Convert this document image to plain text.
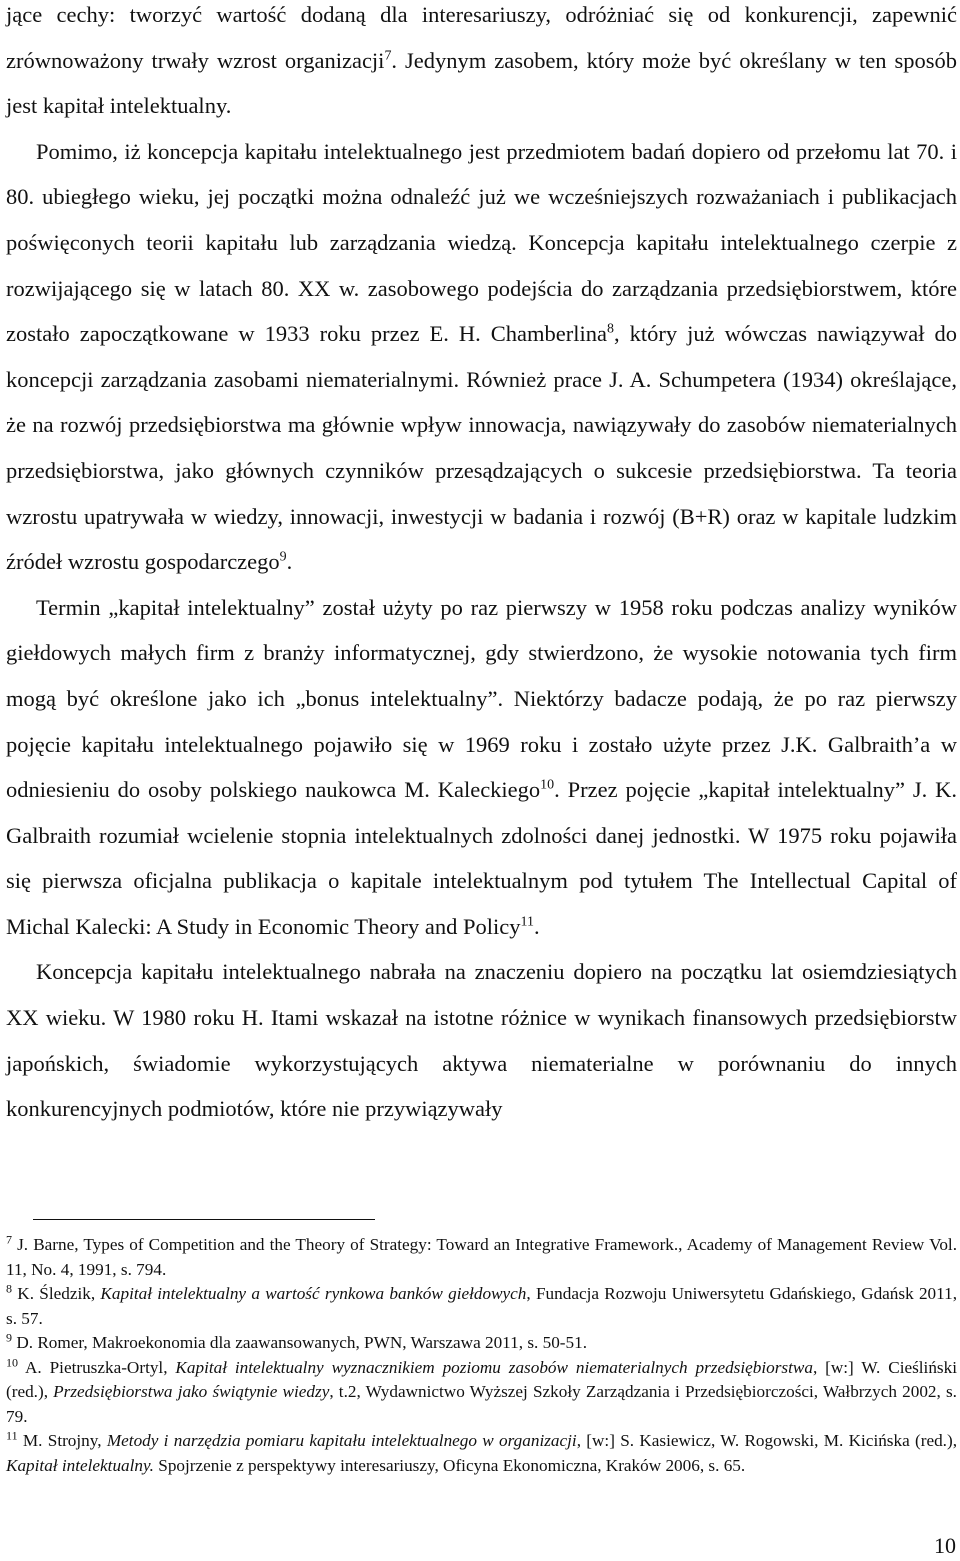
jące cechy: tworzyć wartość dodaną dla interesariuszy, odróżniać się od konkurencji, zapewnić zrównoważony trwały wzrost organizacji$^7$. Jedynym zasobem, który może być określany w ten sposób jest kapitał intelektualny.

Pomimo, iż koncepcja kapitału intelektualnego jest przedmiotem badań dopiero od przełomu lat 70. i 80. ubiegłego wieku, jej początki można odnaleźć już we wcześniejszych rozważaniach i publikacjach poświęconych teorii kapitału lub zarządzania wiedzą. Koncepcja kapitału intelektualnego czerpie z rozwijającego się w latach 80. XX w. zasobowego podejścia do zarządzania przedsiębiorstwem, które zostało zapoczątkowane w 1933 roku przez E. H. Chamberlina$^8$, który już wówczas nawiązywał do koncepcji zarządzania zasobami niematerialnymi. Również prace J. A. Schumpetera (1934) określające, że na rozwój przedsiębiorstwa ma głównie wpływ innowacja, nawiązywały do zasobów niematerialnych przedsiębiorstwa, jako głównych czynników przesądzających o sukcesie przedsiębiorstwa. Ta teoria wzrostu upatrywała w wiedzy, innowacji, inwestycji w badania i rozwój (B+R) oraz w kapitale ludzkim źródeł wzrostu gospodarczego$^9$.

Termin „kapitał intelektualny” został użyty po raz pierwszy w 1958 roku podczas analizy wyników giełdowych małych firm z branży informatycznej, gdy stwierdzono, że wysokie notowania tych firm mogą być określone jako ich „bonus intelektualny”. Niektórzy badacze podają, że po raz pierwszy pojęcie kapitału intelektualnego pojawiło się w 1969 roku i zostało użyte przez J.K. Galbraith’a w odniesieniu do osoby polskiego naukowca M. Kaleckiego$^{10}$. Przez pojęcie „kapitał intelektualny” J. K. Galbraith rozumiał wcielenie stopnia intelektualnych zdolności danej jednostki. W 1975 roku pojawiła się pierwsza oficjalna publikacja o kapitale intelektualnym pod tytułem The Intellectual Capital of Michal Kalecki: A Study in Economic Theory and Policy$^{11}$.

Koncepcja kapitału intelektualnego nabrała na znaczeniu dopiero na początku lat osiemdziesiątych XX wieku. W 1980 roku H. Itami wskazał na istotne różnice w wynikach finansowych przedsiębiorstw japońskich, świadomie wykorzystujących aktywa niematerialne w porównaniu do innych konkurencyjnych podmiotów, które nie przywiązywały

$^7$ J. Barne, Types of Competition and the Theory of Strategy: Toward an Integrative Framework., Academy of Management Review Vol. 11, No. 4, 1991, s. 794.

$^8$ K. Śledzik, Kapitał intelektualny a wartość rynkowa banków giełdowych, Fundacja Rozwoju Uniwersytetu Gdańskiego, Gdańsk 2011, s. 57.

$^9$ D. Romer, Makroekonomia dla zaawansowanych, PWN, Warszawa 2011, s. 50-51.

$^{10}$ A. Pietruszka-Ortyl, Kapitał intelektualny wyznacznikiem poziomu zasobów niematerialnych przedsiębiorstwa, [w:] W. Cieśliński (red.), Przedsiębiorstwa jako świątynie wiedzy, t.2, Wydawnictwo Wyższej Szkoły Zarządzania i Przedsiębiorczości, Wałbrzych 2002, s. 79.

$^{11}$ M. Strojny, Metody i narzędzia pomiaru kapitału intelektualnego w organizacji, [w:] S. Kasiewicz, W. Rogowski, M. Kicińska (red.), Kapitał intelektualny. Spojrzenie z perspektywy interesariuszy, Oficyna Ekonomiczna, Kraków 2006, s. 65.

10
